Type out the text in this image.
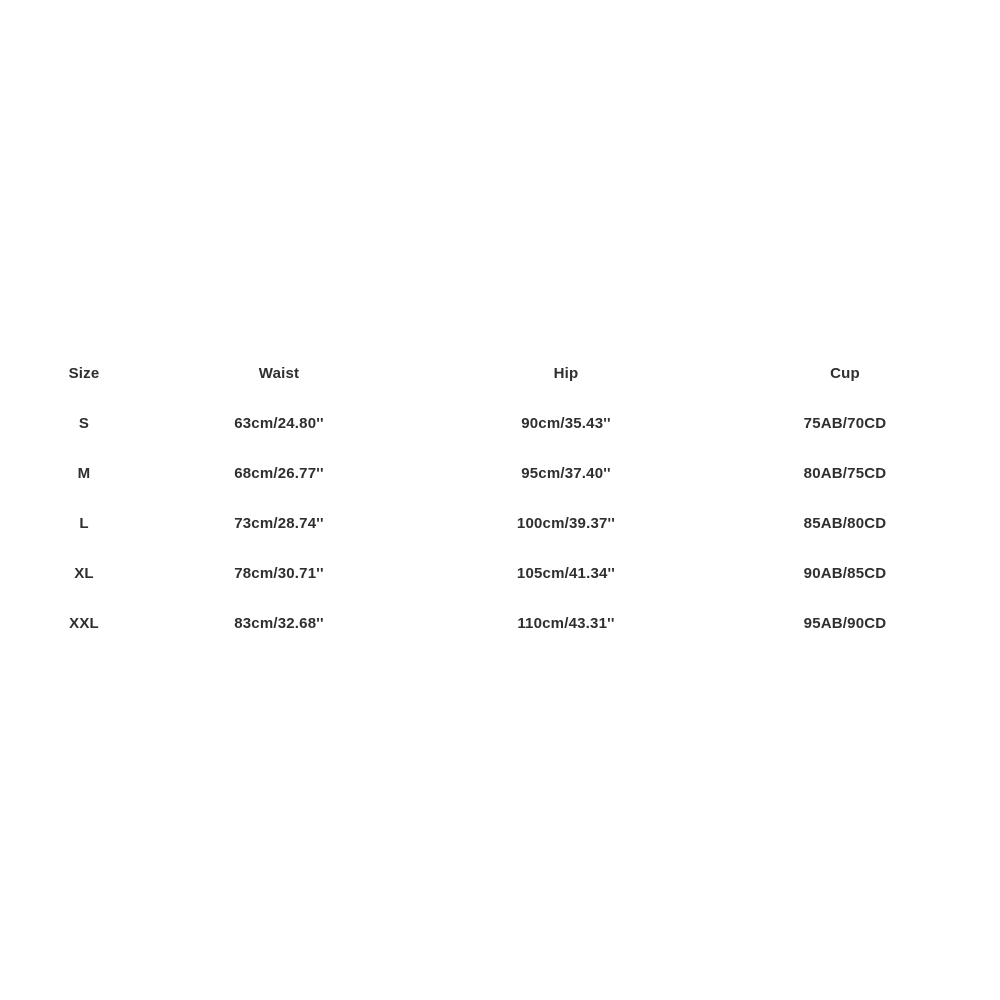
Size	Waist	Hip	Cup
S	63cm/24.80''	90cm/35.43''	75AB/70CD
M	68cm/26.77''	95cm/37.40''	80AB/75CD
L	73cm/28.74''	100cm/39.37''	85AB/80CD
XL	78cm/30.71''	105cm/41.34''	90AB/85CD
XXL	83cm/32.68''	110cm/43.31''	95AB/90CD
